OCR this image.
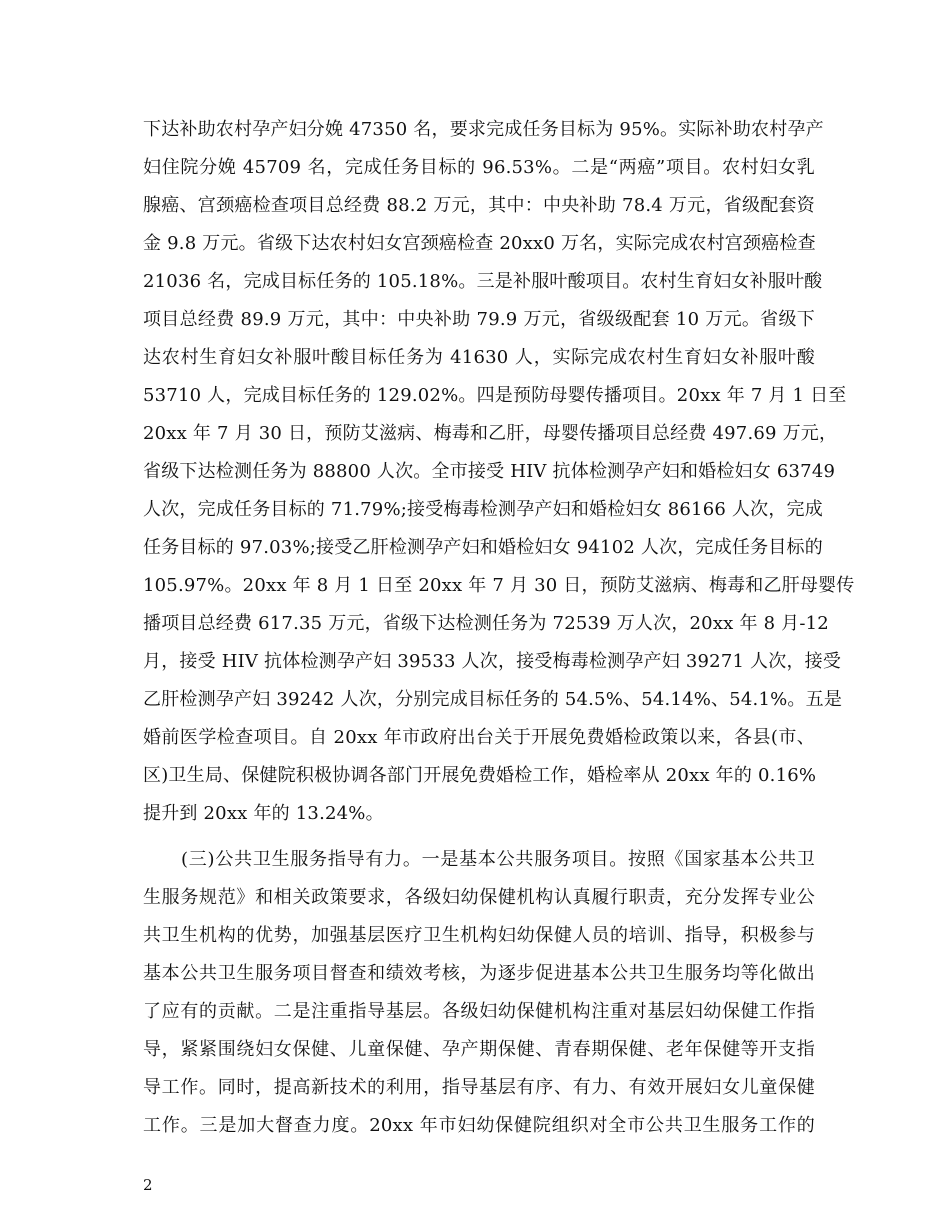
下达补助农村孕产妇分娩 47350 名，要求完成任务目标为 95%。实际补助农村孕产
妇住院分娩 45709 名，完成任务目标的 96.53%。二是“两癌”项目。农村妇女乳
腺癌、宫颈癌检查项目总经费 88.2 万元，其中：中央补助 78.4 万元，省级配套资
金 9.8 万元。省级下达农村妇女宫颈癌检查 20xx0 万名，实际完成农村宫颈癌检查
21036 名，完成目标任务的 105.18%。三是补服叶酸项目。农村生育妇女补服叶酸
项目总经费 89.9 万元，其中：中央补助 79.9 万元，省级级配套 10 万元。省级下
达农村生育妇女补服叶酸目标任务为 41630 人，实际完成农村生育妇女补服叶酸
53710 人，完成目标任务的 129.02%。四是预防母婴传播项目。20xx 年 7 月 1 日至
20xx 年 7 月 30 日，预防艾滋病、梅毒和乙肝，母婴传播项目总经费 497.69 万元，
省级下达检测任务为 88800 人次。全市接受 HIV 抗体检测孕产妇和婚检妇女 63749
人次，完成任务目标的 71.79%;接受梅毒检测孕产妇和婚检妇女 86166 人次，完成
任务目标的 97.03%;接受乙肝检测孕产妇和婚检妇女 94102 人次，完成任务目标的
105.97%。20xx 年 8 月 1 日至 20xx 年 7 月 30 日，预防艾滋病、梅毒和乙肝母婴传
播项目总经费 617.35 万元，省级下达检测任务为 72539 万人次，20xx 年 8 月-12
月，接受 HIV 抗体检测孕产妇 39533 人次，接受梅毒检测孕产妇 39271 人次，接受
乙肝检测孕产妇 39242 人次，分别完成目标任务的 54.5%、54.14%、54.1%。五是
婚前医学检查项目。自 20xx 年市政府出台关于开展免费婚检政策以来，各县(市、
区)卫生局、保健院积极协调各部门开展免费婚检工作，婚检率从 20xx 年的 0.16%
提升到 20xx 年的 13.24%。
(三)公共卫生服务指导有力。一是基本公共服务项目。按照《国家基本公共卫
生服务规范》和相关政策要求，各级妇幼保健机构认真履行职责，充分发挥专业公
共卫生机构的优势，加强基层医疗卫生机构妇幼保健人员的培训、指导，积极参与
基本公共卫生服务项目督查和绩效考核，为逐步促进基本公共卫生服务均等化做出
了应有的贡献。二是注重指导基层。各级妇幼保健机构注重对基层妇幼保健工作指
导，紧紧围绕妇女保健、儿童保健、孕产期保健、青春期保健、老年保健等开支指
导工作。同时，提高新技术的利用，指导基层有序、有力、有效开展妇女儿童保健
2
工作。三是加大督查力度。20xx 年市妇幼保健院组织对全市公共卫生服务工作的
